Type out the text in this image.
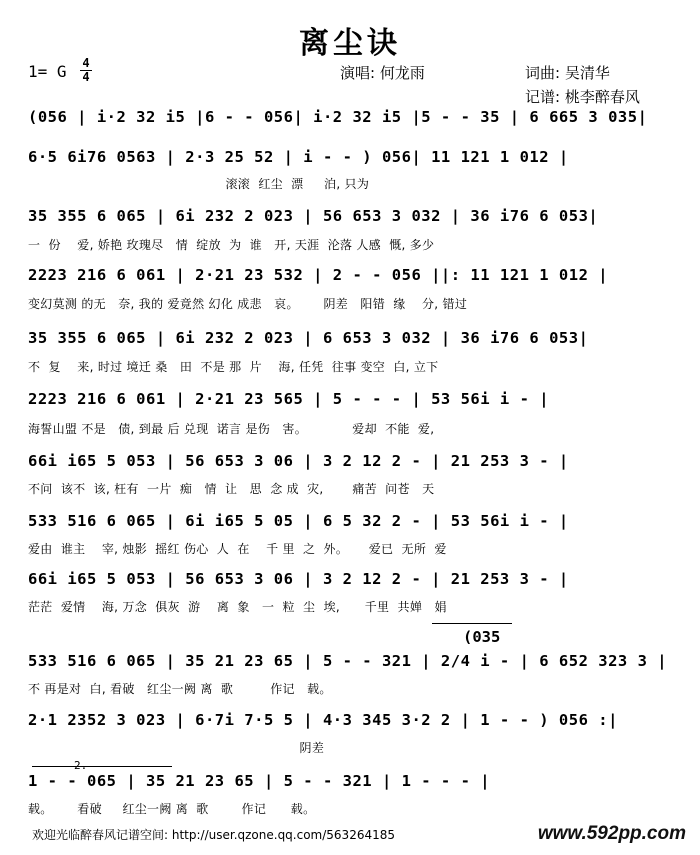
离尘诀
1= G 4
4	演唱: 何龙雨	词曲: 吴清华
记谱: 桃李醉春风
(056 | i·2 32 i5 |6 - - 056| i·2 32 i5 |5 - - 35 | 6 665 3 035|
6·5 6i76 0563 | 2·3 25 52 | i - - ) 056| 11 121 1 012 |
滚滚  红尘  漂     泊, 只为
35 355 6 065 | 6i 232 2 023 | 56 653 3 032 | 36 i76 6 053|
一  份    爱, 娇艳 玫瑰尽   情  绽放  为  谁   开, 天涯  沦落 人感  慨, 多少
2223 216 6 061 | 2·21 23 532 | 2 - - 056 ||: 11 121 1 012 |
变幻莫测 的无   奈, 我的 爱竟然 幻化 成悲   哀。      阴差   阳错  缘    分, 错过
35 355 6 065 | 6i 232 2 023 | 6 653 3 032 | 36 i76 6 053|
不  复    来, 时过 境迁 桑   田  不是 那  片    海, 任凭  往事 变空  白, 立下
2223 216 6 061 | 2·21 23 565 | 5 - - - | 53 56i i - |
海誓山盟 不是   债, 到最 后 兑现  诺言 是伤   害。           爱却  不能  爱,
66i i65 5 053 | 56 653 3 06 | 3 2 12 2 - | 21 253 3 - |
不问  该不  该, 枉有  一片  痴   情  让   思  念 成  灾,       痛苦  问苍   天
533 516 6 065 | 6i i65 5 05 | 6 5 32 2 - | 53 56i i - |
爱由  谁主    宰, 烛影  摇红 伤心  人  在    千 里  之  外。     爱已  无所  爱
66i i65 5 053 | 56 653 3 06 | 3 2 12 2 - | 21 253 3 - |
茫茫  爱情    海, 万念  俱灰  游    离  象   一  粒  尘  埃,      千里  共婵   娟
(035
533 516 6 065 | 35 21 23 65 | 5 - - 321 | 2/4 i - | 6 652 323 3 |
不 再是对  白, 看破   红尘一阙 离  歌         作记   载。
2·1 2352 3 023 | 6·7i 7·5 5 | 4·3 345 3·2 2 | 1 - - ) 056 :|
阴差
2.
1 - - 065 | 35 21 23 65 | 5 - - 321 | 1 - - - |
载。      看破     红尘一阙 离  歌        作记      载。
欢迎光临醉春风记谱空间: http://user.qzone.qq.com/563264185	www.592pp.com
